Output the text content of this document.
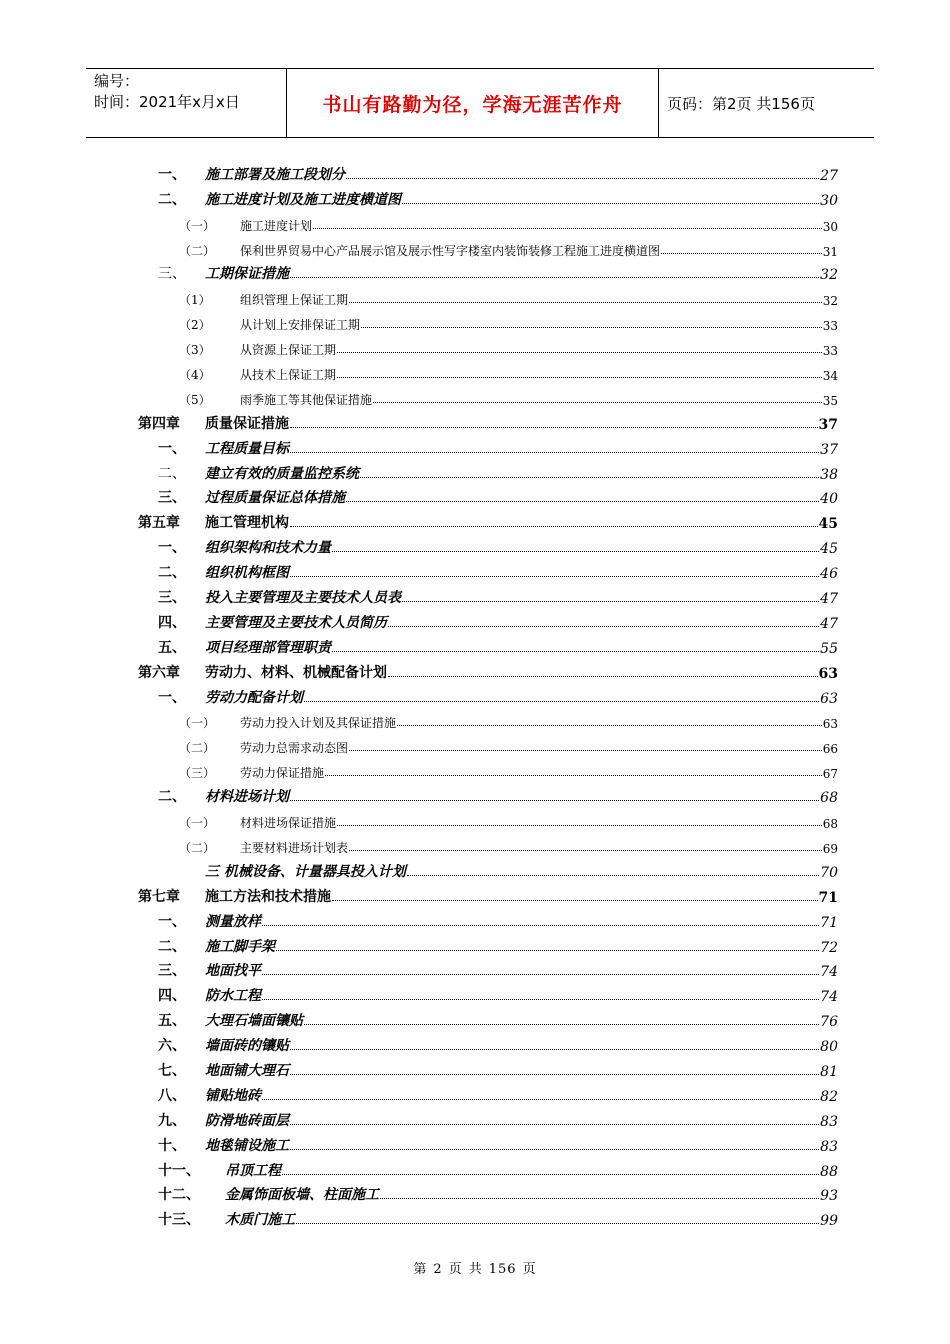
编号：
时间：2021年x月x日	书山有路勤为径，学海无涯苦作舟	页码：第2页 共156页
一、	施工部署及施工段划分	27
二、	施工进度计划及施工进度横道图	30
（一）	施工进度计划	30
（二）	保利世界贸易中心产品展示馆及展示性写字楼室内装饰装修工程施工进度横道图	31
三、	工期保证措施	32
（1）	组织管理上保证工期	32
（2）	从计划上安排保证工期	33
（3）	从资源上保证工期	33
（4）	从技术上保证工期	34
（5）	雨季施工等其他保证措施	35
第四章	质量保证措施	37
一、	工程质量目标	37
二、	建立有效的质量监控系统	38
三、	过程质量保证总体措施	40
第五章	施工管理机构	45
一、	组织架构和技术力量	45
二、	组织机构框图	46
三、	投入主要管理及主要技术人员表	47
四、	主要管理及主要技术人员简历	47
五、	项目经理部管理职责	55
第六章	劳动力、材料、机械配备计划	63
一、	劳动力配备计划	63
（一）	劳动力投入计划及其保证措施	63
（二）	劳动力总需求动态图	66
（三）	劳动力保证措施	67
二、	材料进场计划	68
（一）	材料进场保证措施	68
（二）	主要材料进场计划表	69
三 机械设备、计量器具投入计划	70
第七章	施工方法和技术措施	71
一、	测量放样	71
二、	施工脚手架	72
三、	地面找平	74
四、	防水工程	74
五、	大理石墙面镶贴	76
六、	墙面砖的镶贴	80
七、	地面铺大理石	81
八、	铺贴地砖	82
九、	防滑地砖面层	83
十、	地毯铺设施工	83
十一、	吊顶工程	88
十二、	金属饰面板墙、柱面施工	93
十三、	木质门施工	99
第 2 页 共 156 页
